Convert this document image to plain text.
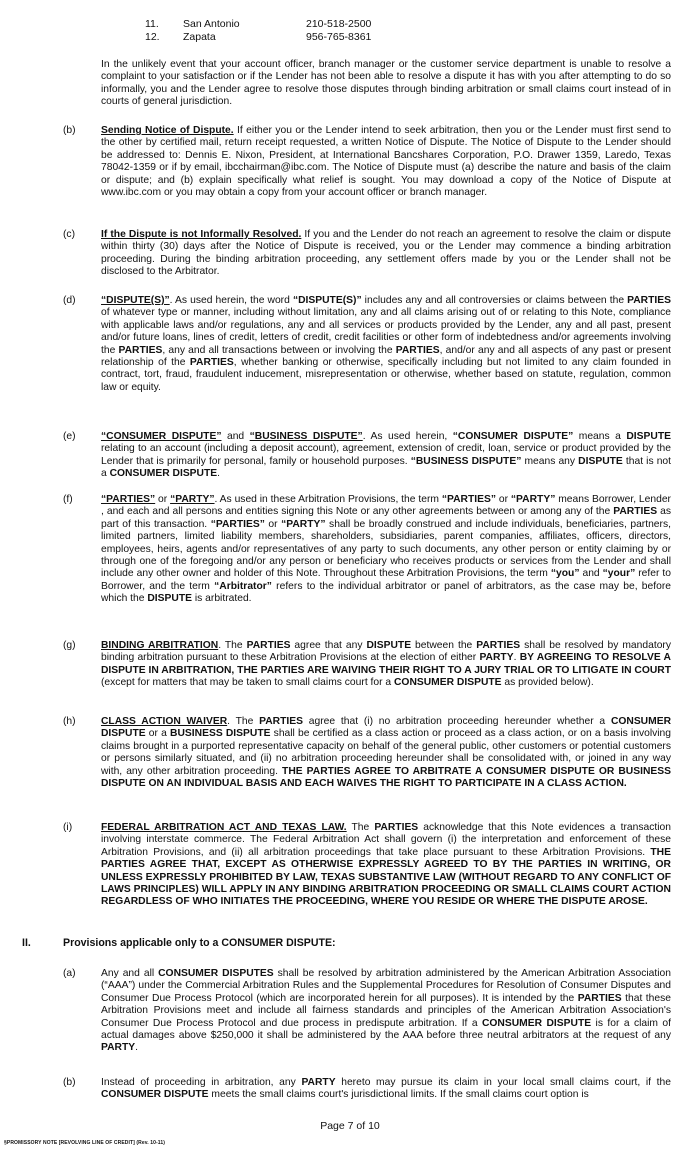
11. San Antonio	210-518-2500
12. Zapata	956-765-8361
In the unlikely event that your account officer, branch manager or the customer service department is unable to resolve a complaint to your satisfaction or if the Lender has not been able to resolve a dispute it has with you after attempting to do so informally, you and the Lender agree to resolve those disputes through binding arbitration or small claims court instead of in courts of general jurisdiction.
(b) Sending Notice of Dispute. If either you or the Lender intend to seek arbitration, then you or the Lender must first send to the other by certified mail, return receipt requested, a written Notice of Dispute. The Notice of Dispute to the Lender should be addressed to: Dennis E. Nixon, President, at International Bancshares Corporation, P.O. Drawer 1359, Laredo, Texas 78042-1359 or if by email, ibcchairman@ibc.com. The Notice of Dispute must (a) describe the nature and basis of the claim or dispute; and (b) explain specifically what relief is sought. You may download a copy of the Notice of Dispute at www.ibc.com or you may obtain a copy from your account officer or branch manager.
(c)	If the Dispute is not Informally Resolved. If you and the Lender do not reach an agreement to resolve the claim or dispute within thirty (30) days after the Notice of Dispute is received, you or the Lender may commence a binding arbitration proceeding. During the binding arbitration proceeding, any settlement offers made by you or the Lender shall not be disclosed to the Arbitrator.
(d) “DISPUTE(S)”. As used herein, the word “DISPUTE(S)” includes any and all controversies or claims between the PARTIES of whatever type or manner, including without limitation, any and all claims arising out of or relating to this Note, compliance with applicable laws and/or regulations, any and all services or products provided by the Lender, any and all past, present and/or future loans, lines of credit, letters of credit, credit facilities or other form of indebtedness and/or agreements involving the PARTIES, any and all transactions between or involving the PARTIES, and/or any and all aspects of any past or present relationship of the PARTIES, whether banking or otherwise, specifically including but not limited to any claim founded in contract, tort, fraud, fraudulent inducement, misrepresentation or otherwise, whether based on statute, regulation, common law or equity.
(e) “CONSUMER DISPUTE” and “BUSINESS DISPUTE”. As used herein, “CONSUMER DISPUTE” means a DISPUTE relating to an account (including a deposit account), agreement, extension of credit, loan, service or product provided by the Lender that is primarily for personal, family or household purposes. “BUSINESS DISPUTE” means any DISPUTE that is not a CONSUMER DISPUTE.
(f)	“PARTIES” or “PARTY”. As used in these Arbitration Provisions, the term “PARTIES” or “PARTY” means Borrower, Lender , and each and all persons and entities signing this Note or any other agreements between or among any of the PARTIES as part of this transaction. “PARTIES” or “PARTY” shall be broadly construed and include individuals, beneficiaries, partners, limited partners, limited liability members, shareholders, subsidiaries, parent companies, affiliates, officers, directors, employees, heirs, agents and/or representatives of any party to such documents, any other person or entity claiming by or through one of the foregoing and/or any person or beneficiary who receives products or services from the Lender and shall include any other owner and holder of this Note. Throughout these Arbitration Provisions, the term “you” and “your” refer to Borrower, and the term “Arbitrator” refers to the individual arbitrator or panel of arbitrators, as the case may be, before which the DISPUTE is arbitrated.
(g) BINDING ARBITRATION. The PARTIES agree that any DISPUTE between the PARTIES shall be resolved by mandatory binding arbitration pursuant to these Arbitration Provisions at the election of either PARTY. BY AGREEING TO RESOLVE A DISPUTE IN ARBITRATION, THE PARTIES ARE WAIVING THEIR RIGHT TO A JURY TRIAL OR TO LITIGATE IN COURT (except for matters that may be taken to small claims court for a CONSUMER DISPUTE as provided below).
(h) CLASS ACTION WAIVER. The PARTIES agree that (i) no arbitration proceeding hereunder whether a CONSUMER DISPUTE or a BUSINESS DISPUTE shall be certified as a class action or proceed as a class action, or on a basis involving claims brought in a purported representative capacity on behalf of the general public, other customers or potential customers or persons similarly situated, and (ii) no arbitration proceeding hereunder shall be consolidated with, or joined in any way with, any other arbitration proceeding. THE PARTIES AGREE TO ARBITRATE A CONSUMER DISPUTE OR BUSINESS DISPUTE ON AN INDIVIDUAL BASIS AND EACH WAIVES THE RIGHT TO PARTICIPATE IN A CLASS ACTION.
(i)	FEDERAL ARBITRATION ACT AND TEXAS LAW. The PARTIES acknowledge that this Note evidences a transaction involving interstate commerce. The Federal Arbitration Act shall govern (i) the interpretation and enforcement of these Arbitration Provisions, and (ii) all arbitration proceedings that take place pursuant to these Arbitration Provisions. THE PARTIES AGREE THAT, EXCEPT AS OTHERWISE EXPRESSLY AGREED TO BY THE PARTIES IN WRITING, OR UNLESS EXPRESSLY PROHIBITED BY LAW, TEXAS SUBSTANTIVE LAW (WITHOUT REGARD TO ANY CONFLICT OF LAWS PRINCIPLES) WILL APPLY IN ANY BINDING ARBITRATION PROCEEDING OR SMALL CLAIMS COURT ACTION REGARDLESS OF WHO INITIATES THE PROCEEDING, WHERE YOU RESIDE OR WHERE THE DISPUTE AROSE.
II.	Provisions applicable only to a CONSUMER DISPUTE:
(a) Any and all CONSUMER DISPUTES shall be resolved by arbitration administered by the American Arbitration Association (“AAA”) under the Commercial Arbitration Rules and the Supplemental Procedures for Resolution of Consumer Disputes and Consumer Due Process Protocol (which are incorporated herein for all purposes). It is intended by the PARTIES that these Arbitration Provisions meet and include all fairness standards and principles of the American Arbitration Association's Consumer Due Process Protocol and due process in predispute arbitration. If a CONSUMER DISPUTE is for a claim of actual damages above $250,000 it shall be administered by the AAA before three neutral arbitrators at the request of any PARTY.
(b) Instead of proceeding in arbitration, any PARTY hereto may pursue its claim in your local small claims court, if the CONSUMER DISPUTE meets the small claims court's jurisdictional limits. If the small claims court option is
Page 7 of 10
§PROMISSORY NOTE [REVOLVING LINE OF CREDIT] (Rev. 10-11)
